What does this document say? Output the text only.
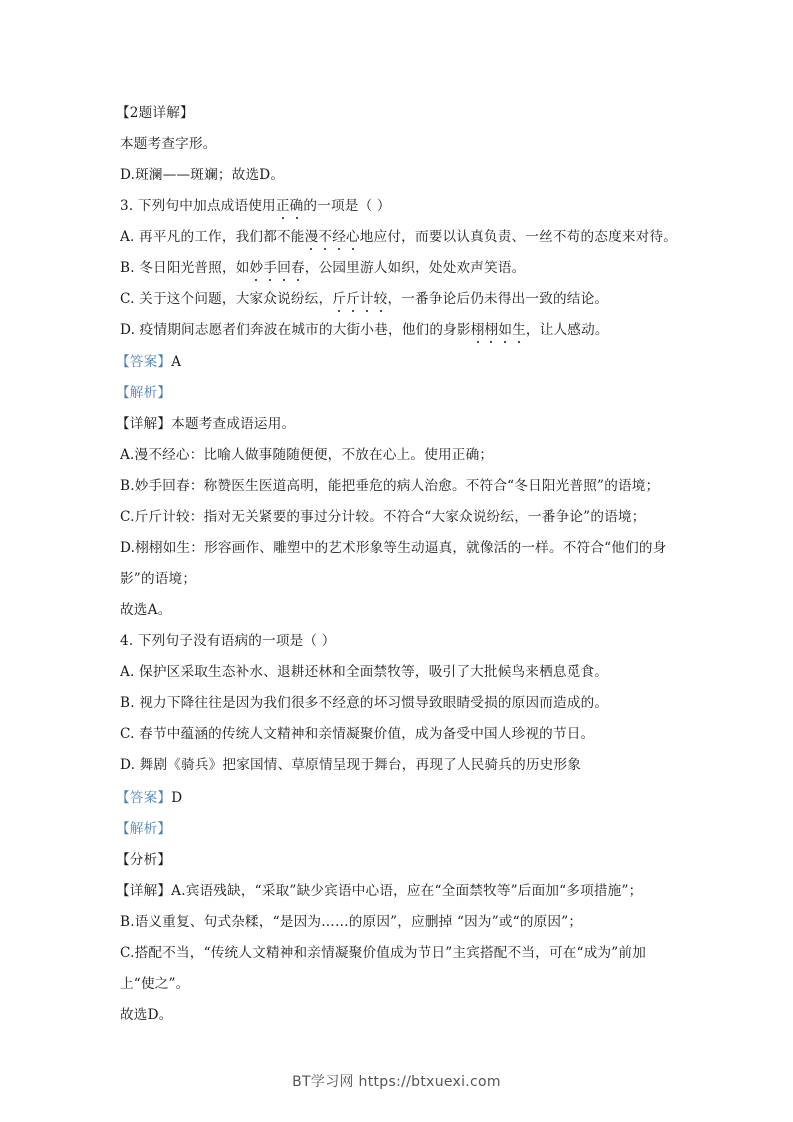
【2题详解】
本题考查字形。
D.斑澜——斑斓；故选D。
3. 下列句中加点成语使用正确的一项是（ ）
A. 再平凡的工作，我们都不能漫不经心地应付，而要以认真负责、一丝不苟的态度来对待。
B. 冬日阳光普照，如妙手回春，公园里游人如织，处处欢声笑语。
C. 关于这个问题，大家众说纷纭，斤斤计较，一番争论后仍未得出一致的结论。
D. 疫情期间志愿者们奔波在城市的大街小巷，他们的身影栩栩如生，让人感动。
【答案】A
【解析】
【详解】本题考查成语运用。
A.漫不经心：比喻人做事随随便便，不放在心上。使用正确；
B.妙手回春：称赞医生医道高明，能把垂危的病人治愈。不符合“冬日阳光普照”的语境；
C.斤斤计较：指对无关紧要的事过分计较。不符合“大家众说纷纭，一番争论”的语境；
D.栩栩如生：形容画作、雕塑中的艺术形象等生动逼真，就像活的一样。不符合“他们的身
影”的语境；
故选A。
4. 下列句子没有语病的一项是（ ）
A. 保护区采取生态补水、退耕还林和全面禁牧等，吸引了大批候鸟来栖息觅食。
B. 视力下降往往是因为我们很多不经意的坏习惯导致眼睛受损的原因而造成的。
C. 春节中蕴涵的传统人文精神和亲情凝聚价值，成为备受中国人珍视的节日。
D. 舞剧《骑兵》把家国情、草原情呈现于舞台，再现了人民骑兵的历史形象
【答案】D
【解析】
【分析】
【详解】A.宾语残缺，“采取”缺少宾语中心语，应在“全面禁牧等”后面加“多项措施”；
B.语义重复、句式杂糅，“是因为……的原因”，应删掉 “因为”或“的原因”；
C.搭配不当，“传统人文精神和亲情凝聚价值成为节日”主宾搭配不当，可在“成为”前加
上“使之”。
故选D。
BT学习网 https://btxuexi.com
